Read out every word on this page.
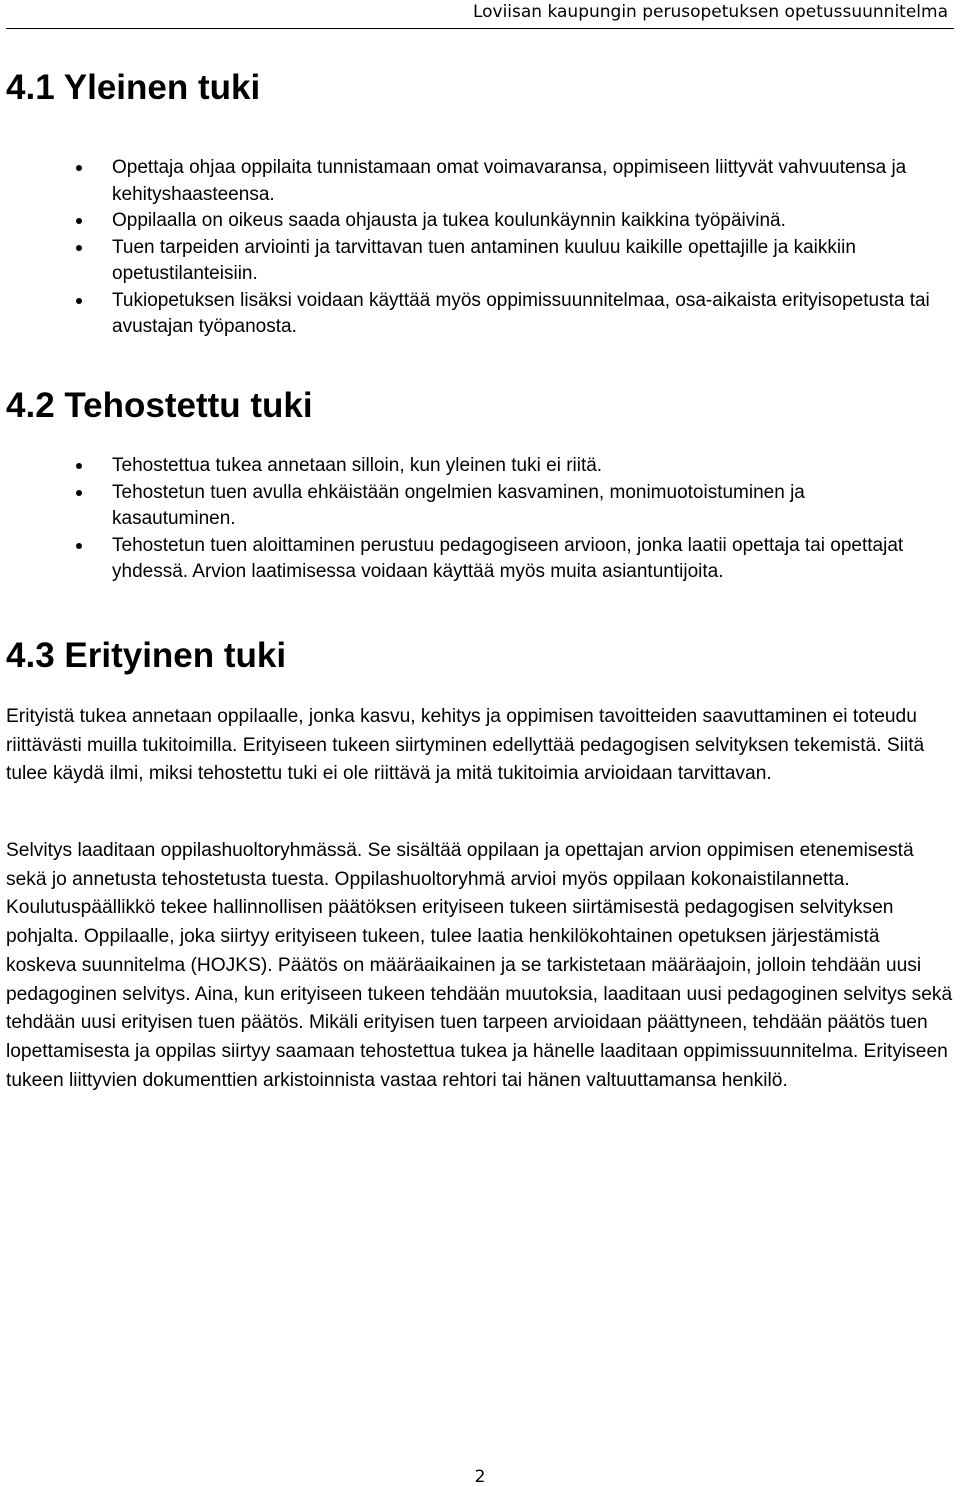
Loviisan kaupungin perusopetuksen opetussuunnitelma
4.1 Yleinen tuki
Opettaja ohjaa oppilaita tunnistamaan omat voimavaransa, oppimiseen liittyvät vahvuutensa ja kehityshaasteensa.
Oppilaalla on oikeus saada ohjausta ja tukea koulunkäynnin kaikkina työpäivinä.
Tuen tarpeiden arviointi ja tarvittavan tuen antaminen kuuluu kaikille opettajille ja kaikkiin opetustilanteisiin.
Tukiopetuksen lisäksi voidaan käyttää myös oppimissuunnitelmaa, osa-aikaista erityisopetusta tai avustajan työpanosta.
4.2 Tehostettu tuki
Tehostettua tukea annetaan silloin, kun yleinen tuki ei riitä.
Tehostetun tuen avulla ehkäistään ongelmien kasvaminen, monimuotoistuminen ja kasautuminen.
Tehostetun tuen aloittaminen perustuu pedagogiseen arvioon, jonka laatii opettaja tai opettajat yhdessä. Arvion laatimisessa voidaan käyttää myös muita asiantuntijoita.
4.3 Erityinen tuki

Erityistä tukea annetaan oppilaalle, jonka kasvu, kehitys ja oppimisen tavoitteiden saavuttaminen ei toteudu riittävästi muilla tukitoimilla. Erityiseen tukeen siirtyminen edellyttää pedagogisen selvityksen tekemistä. Siitä tulee käydä ilmi, miksi tehostettu tuki ei ole riittävä ja mitä tukitoimia arvioidaan tarvittavan.

Selvitys laaditaan oppilashuoltoryhmässä. Se sisältää oppilaan ja opettajan arvion oppimisen etenemisestä sekä jo annetusta tehostetusta tuesta. Oppilashuoltoryhmä arvioi myös oppilaan kokonaistilannetta. Koulutuspäällikkö tekee hallinnollisen päätöksen erityiseen tukeen siirtämisestä pedagogisen selvityksen pohjalta. Oppilaalle, joka siirtyy erityiseen tukeen, tulee laatia henkilökohtainen opetuksen järjestämistä koskeva suunnitelma (HOJKS). Päätös on määräaikainen ja se tarkistetaan määräajoin, jolloin tehdään uusi pedagoginen selvitys. Aina, kun erityiseen tukeen tehdään muutoksia, laaditaan uusi pedagoginen selvitys sekä tehdään uusi erityisen tuen päätös. Mikäli erityisen tuen tarpeen arvioidaan päättyneen, tehdään päätös tuen lopettamisesta ja oppilas siirtyy saamaan tehostettua tukea ja hänelle laaditaan oppimissuunnitelma. Erityiseen tukeen liittyvien dokumenttien arkistoinnista vastaa rehtori tai hänen valtuuttamansa henkilö.

2
